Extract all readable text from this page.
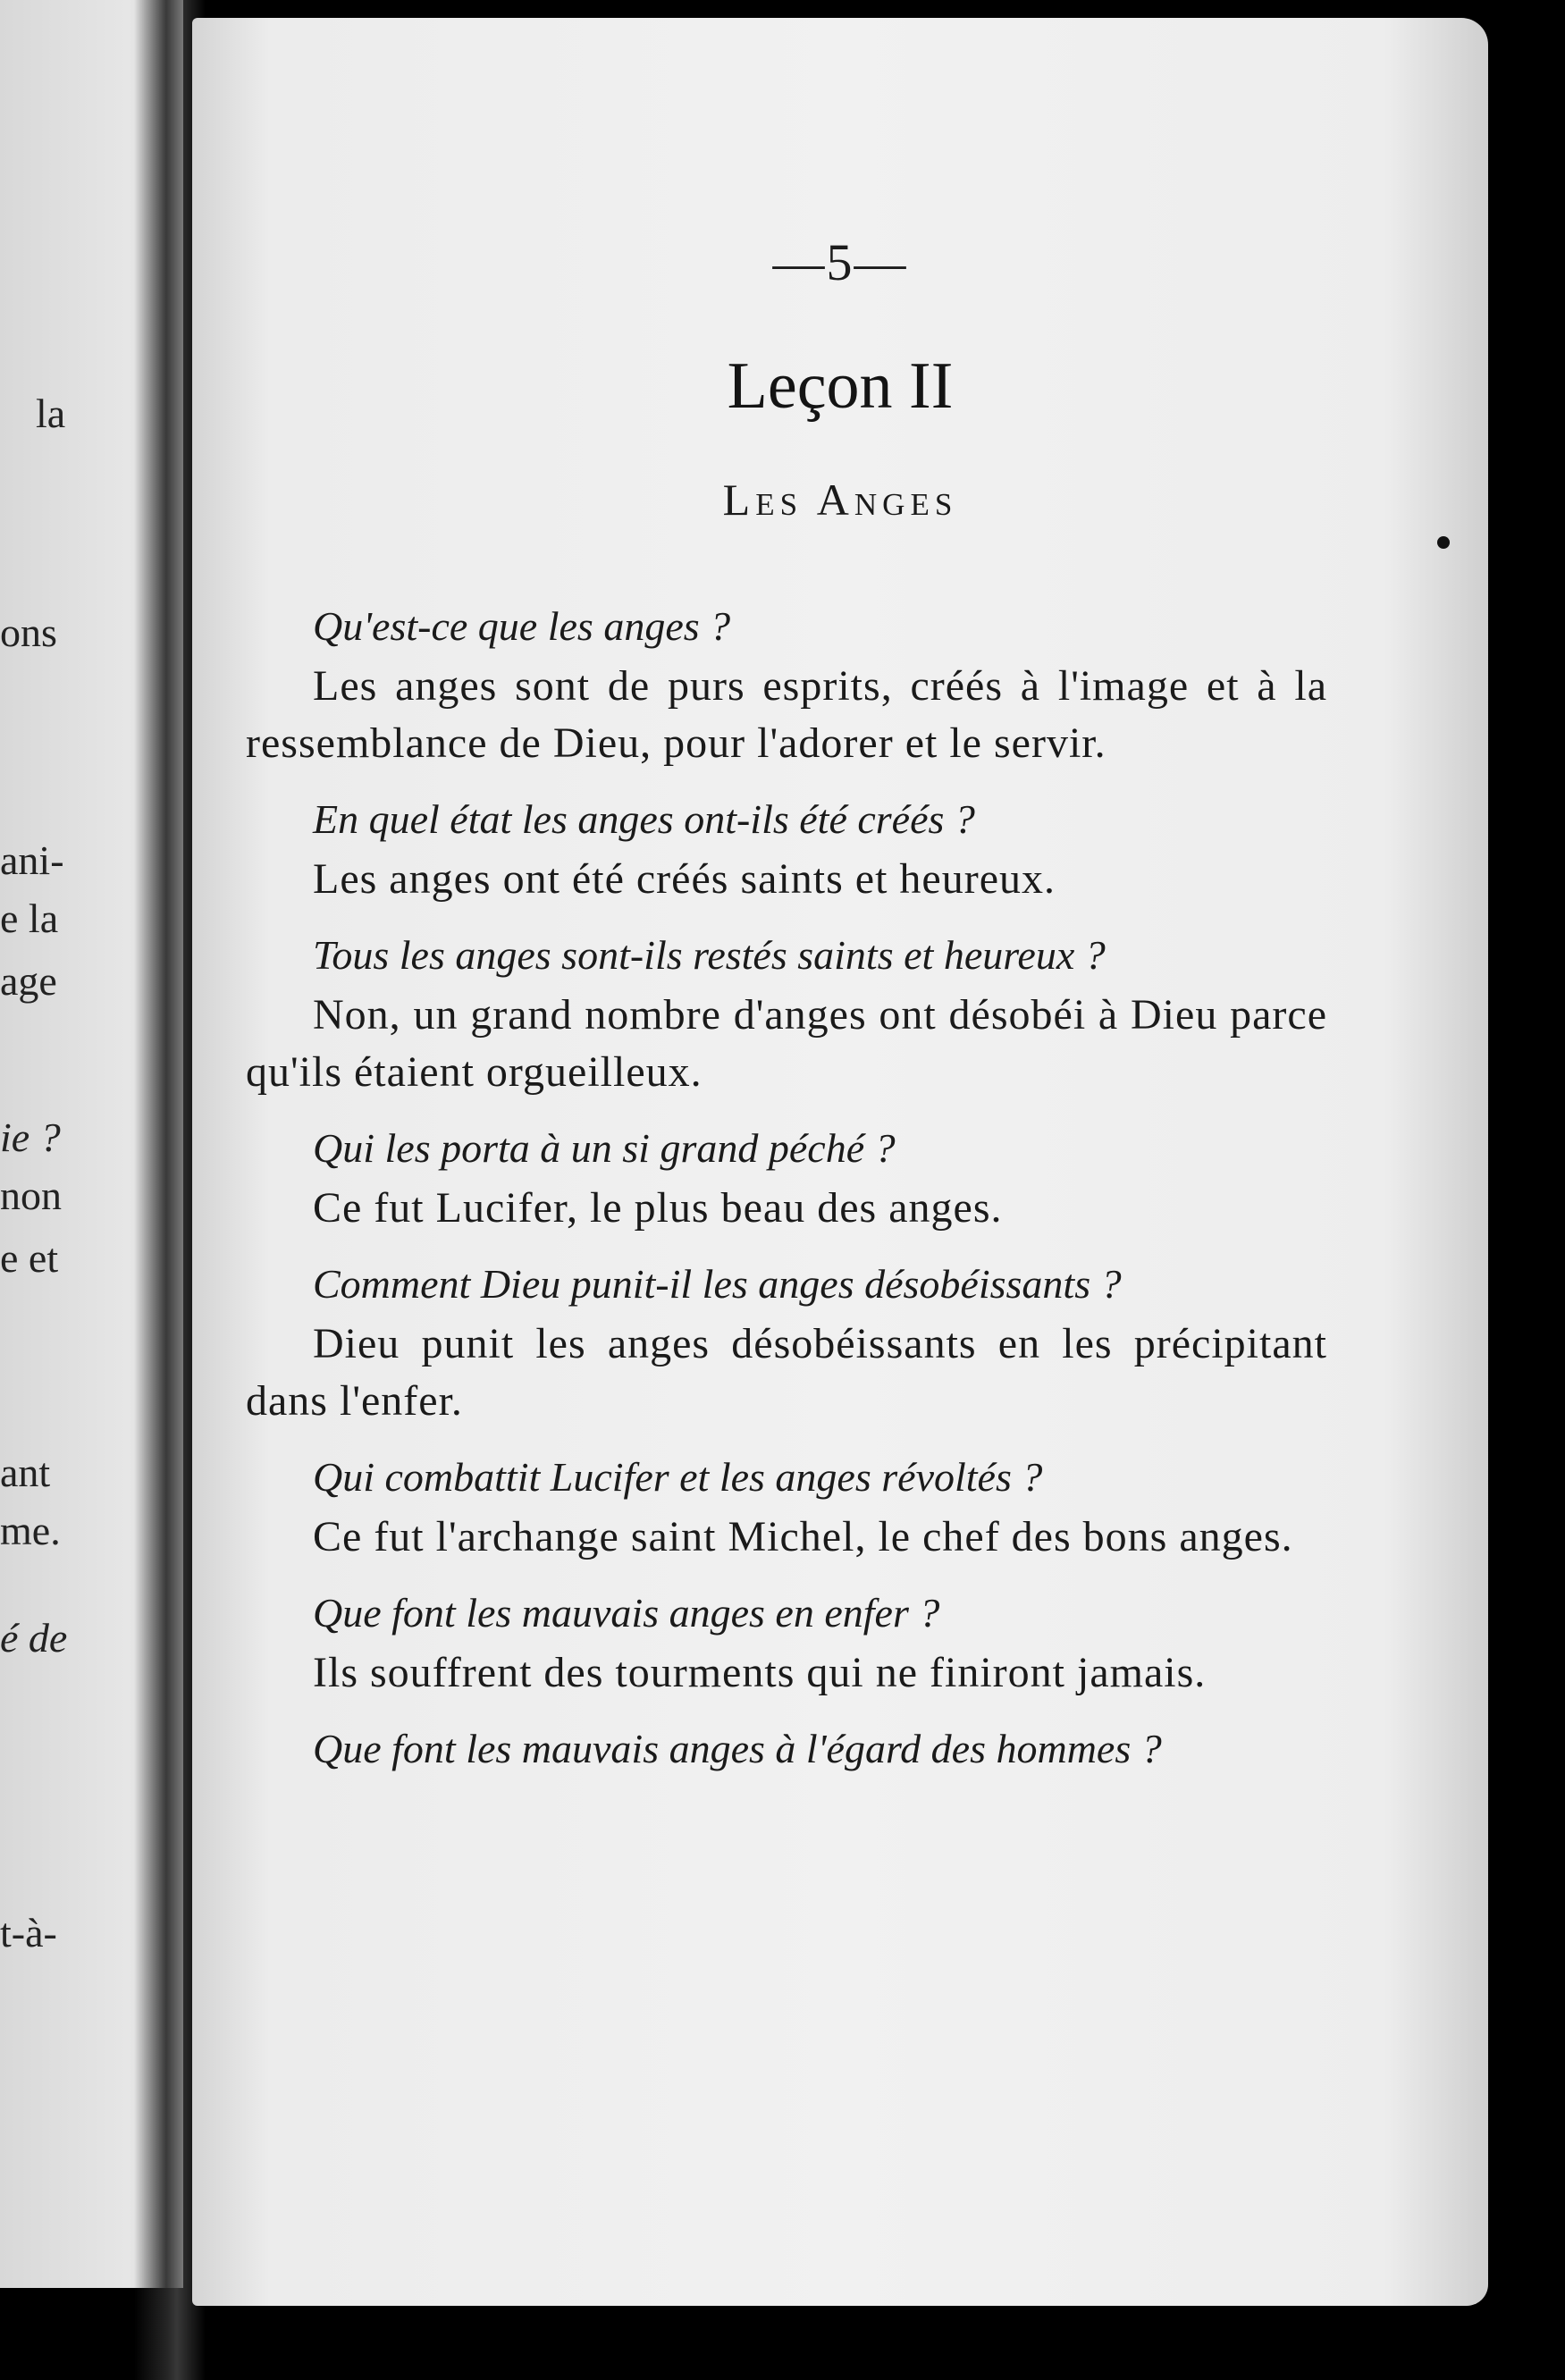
la
ons
ani-
e la
age
ie ?
non
e et
ant
me.
é de
t-à-
—5—
Leçon II
Les Anges

Qu'est-ce que les anges ?

Les anges sont de purs esprits, créés à l'image et à la ressemblance de Dieu, pour l'adorer et le servir.

En quel état les anges ont-ils été créés ?

Les anges ont été créés saints et heureux.

Tous les anges sont-ils restés saints et heureux ?

Non, un grand nombre d'anges ont désobéi à Dieu parce qu'ils étaient orgueilleux.

Qui les porta à un si grand péché ?

Ce fut Lucifer, le plus beau des anges.

Comment Dieu punit-il les anges désobéissants ?

Dieu punit les anges désobéissants en les précipitant dans l'enfer.

Qui combattit Lucifer et les anges révoltés ?

Ce fut l'archange saint Michel, le chef des bons anges.

Que font les mauvais anges en enfer ?

Ils souffrent des tourments qui ne finiront jamais.

Que font les mauvais anges à l'égard des hommes ?
